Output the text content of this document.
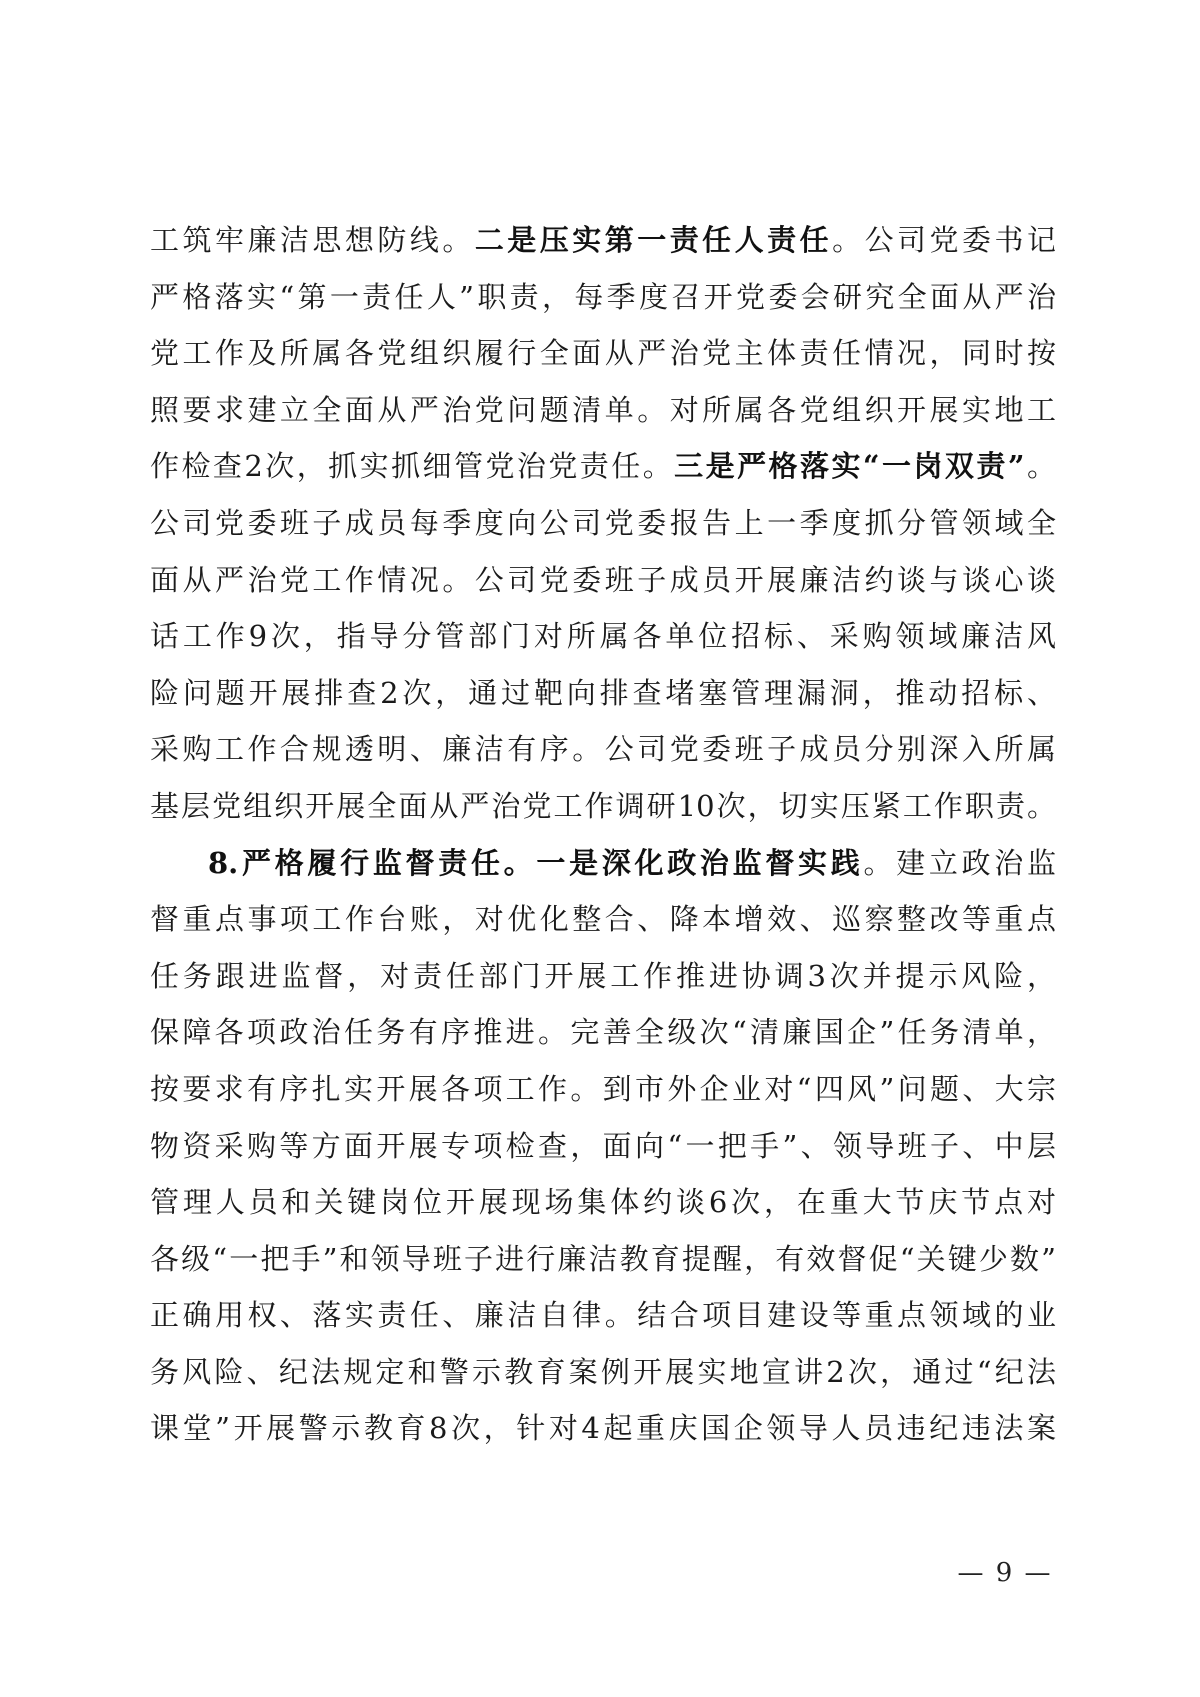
工筑牢廉洁思想防线。二是压实第一责任人责任。公司党委书记
严格落实“第一责任人”职责，每季度召开党委会研究全面从严治
党工作及所属各党组织履行全面从严治党主体责任情况，同时按
照要求建立全面从严治党问题清单。对所属各党组织开展实地工
作检查2次，抓实抓细管党治党责任。三是严格落实“一岗双责”。
公司党委班子成员每季度向公司党委报告上一季度抓分管领域全
面从严治党工作情况。公司党委班子成员开展廉洁约谈与谈心谈
话工作9次，指导分管部门对所属各单位招标、采购领域廉洁风
险问题开展排查2次，通过靶向排查堵塞管理漏洞，推动招标、
采购工作合规透明、廉洁有序。公司党委班子成员分别深入所属
基层党组织开展全面从严治党工作调研10次，切实压紧工作职责。
8.严格履行监督责任。一是深化政治监督实践。建立政治监
督重点事项工作台账，对优化整合、降本增效、巡察整改等重点
任务跟进监督，对责任部门开展工作推进协调3次并提示风险，
保障各项政治任务有序推进。完善全级次“清廉国企”任务清单，
按要求有序扎实开展各项工作。到市外企业对“四风”问题、大宗
物资采购等方面开展专项检查，面向“一把手”、领导班子、中层
管理人员和关键岗位开展现场集体约谈6次，在重大节庆节点对
各级“一把手”和领导班子进行廉洁教育提醒，有效督促“关键少数”
正确用权、落实责任、廉洁自律。结合项目建设等重点领域的业
务风险、纪法规定和警示教育案例开展实地宣讲2次，通过“纪法
课堂”开展警示教育8次，针对4起重庆国企领导人员违纪违法案
— 9 —
